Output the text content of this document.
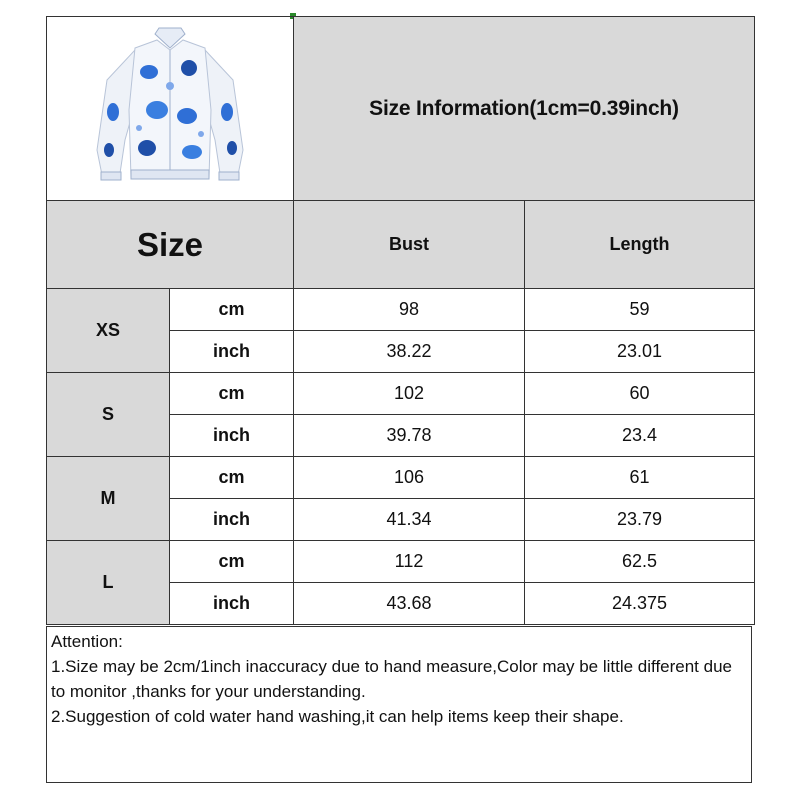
	Size Information(1cm=0.39inch)	
Size		Bust	Length
XS	cm	98	59
	inch	38.22	23.01
S	cm	102	60
	inch	39.78	23.4
M	cm	106	61
	inch	41.34	23.79
L	cm	112	62.5
	inch	43.68	24.375
Attention:
1.Size may be 2cm/1inch inaccuracy due to hand measure,Color may be little different due to monitor ,thanks for your understanding.
2.Suggestion of cold water hand washing,it can help items keep their shape.
